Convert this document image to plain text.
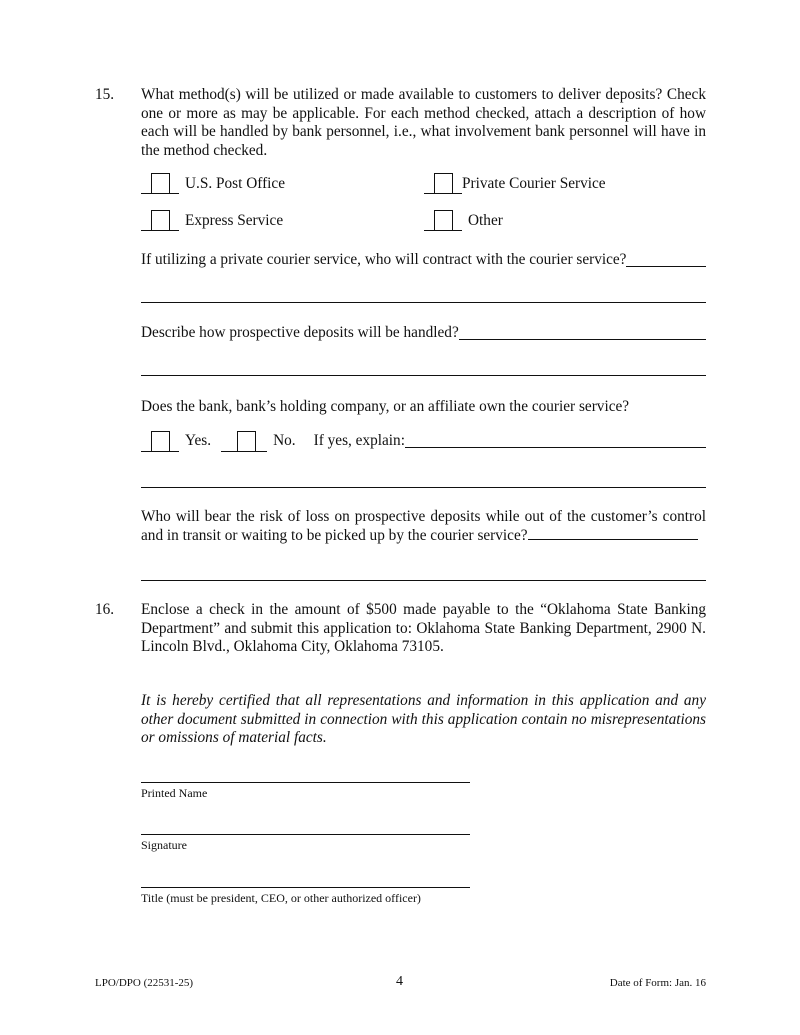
15. What method(s) will be utilized or made available to customers to deliver deposits? Check one or more as may be applicable. For each method checked, attach a description of how each will be handled by bank personnel, i.e., what involvement bank personnel will have in the method checked.
U.S. Post Office	Private Courier Service
Express Service	Other
If utilizing a private courier service, who will contract with the courier service?
Describe how prospective deposits will be handled?
Does the bank, bank’s holding company, or an affiliate own the courier service?
Yes.	No. If yes, explain:
Who will bear the risk of loss on prospective deposits while out of the customer’s control and in transit or waiting to be picked up by the courier service?
16. Enclose a check in the amount of $500 made payable to the “Oklahoma State Banking Department” and submit this application to: Oklahoma State Banking Department, 2900 N. Lincoln Blvd., Oklahoma City, Oklahoma 73105.
It is hereby certified that all representations and information in this application and any other document submitted in connection with this application contain no misrepresentations or omissions of material facts.
Printed Name
Signature
Title (must be president, CEO, or other authorized officer)
LPO/DPO (22531-25)	4	Date of Form: Jan. 16
